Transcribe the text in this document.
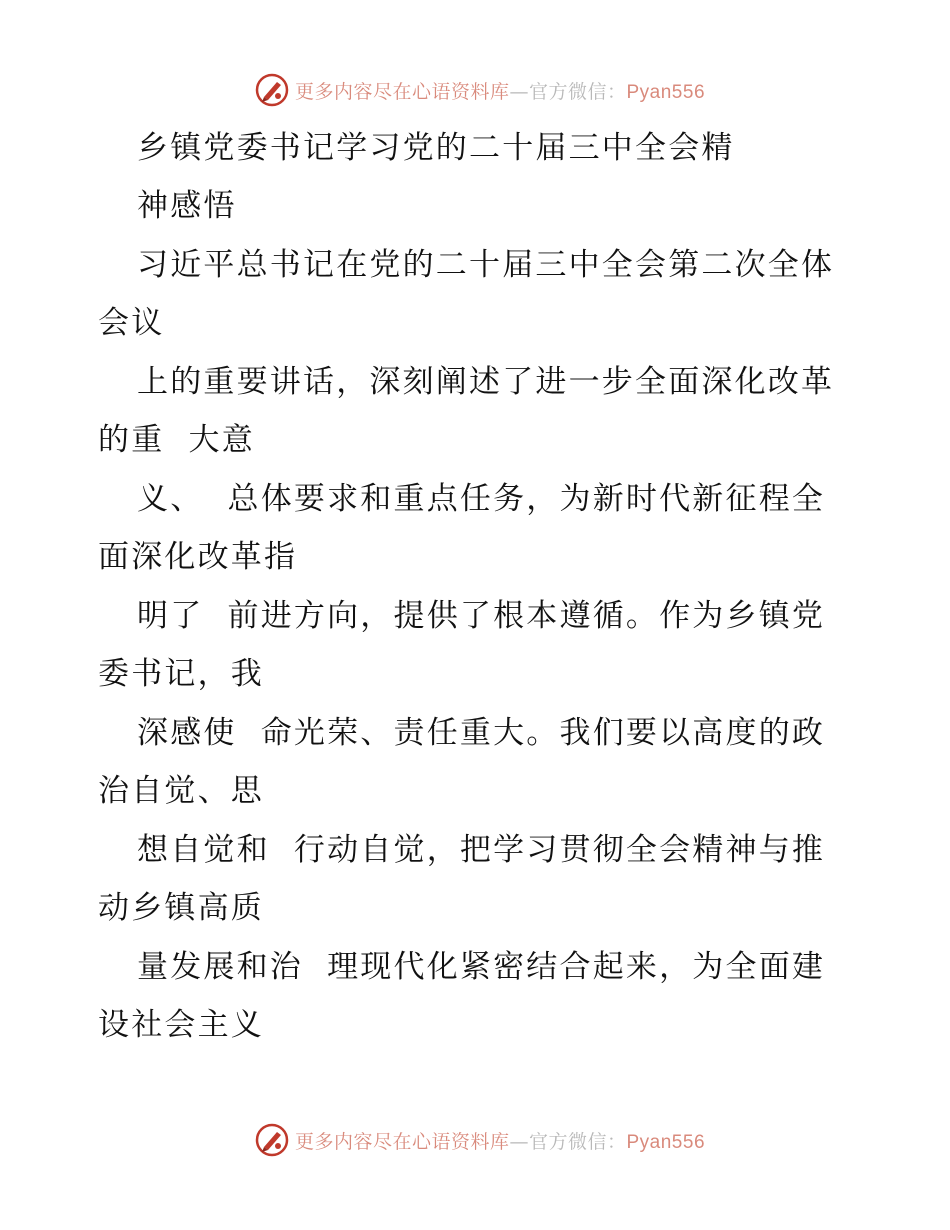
更多内容尽在心语资料库—官方微信：Pyan556
乡镇党委书记学习党的二十届三中全会精
神感悟
习近平总书记在党的二十届三中全会第二次全体
会议
上的重要讲话，深刻阐述了进一步全面深化改革
的重  大意
义、  总体要求和重点任务，为新时代新征程全
面深化改革指
明了  前进方向，提供了根本遵循。作为乡镇党
委书记，我
深感使  命光荣、责任重大。我们要以高度的政
治自觉、思
想自觉和  行动自觉，把学习贯彻全会精神与推
动乡镇高质
量发展和治  理现代化紧密结合起来，为全面建
设社会主义
更多内容尽在心语资料库—官方微信：Pyan556
